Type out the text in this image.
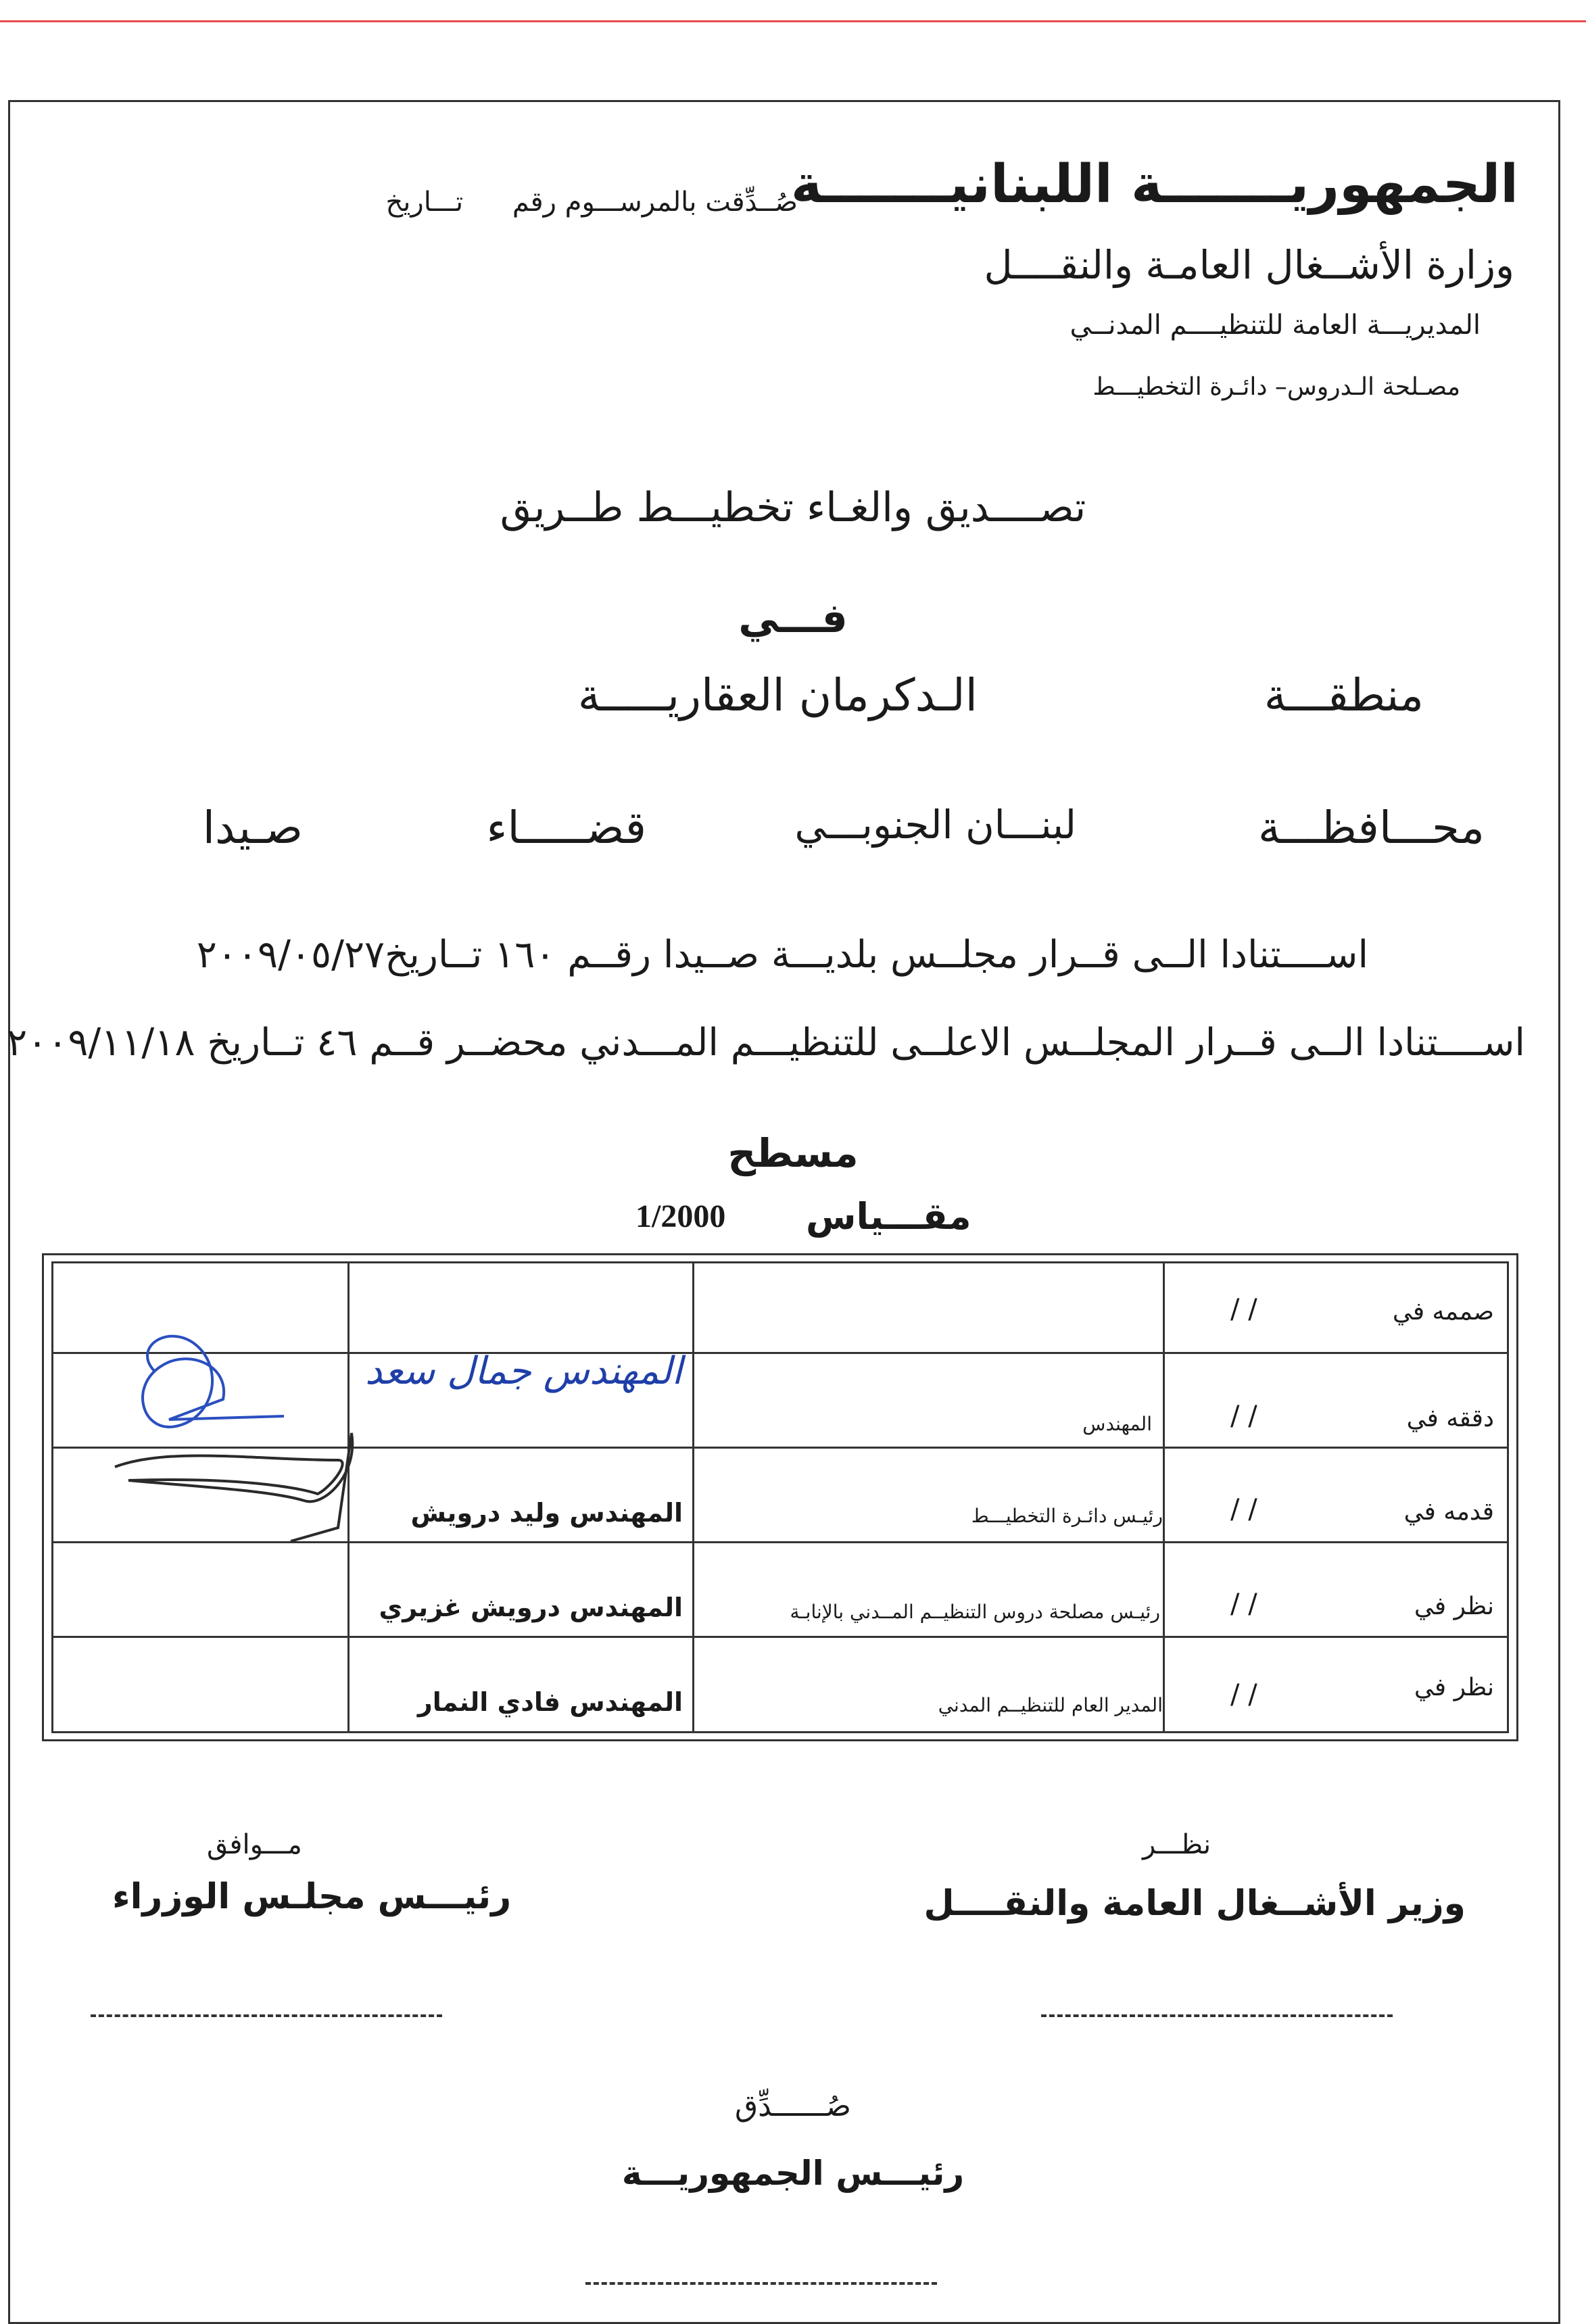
الجمهوريـــــــة اللبنانيـــــــة
وزارة الأشــغال العامـة والنقــــل
المديريـــة العامة للتنظيــــم المدنــي
مصـلحة الـدروس– دائـرة التخطيـــط
صُــدِّقت بالمرســـوم رقم تـــاريخ
تصــــديق والغـاء تخطيـــط طــريق
فـــي
منطقـــة
الـدكرمان العقاريـــــة
محـــافظـــة
لبنـــان الجنوبـــي
قضـــــاء
صـيدا
اســــتنادا الــى قــرار مجلــس بلديـــة صــيدا رقــم ١٦٠ تــاريخ٢٠٠٩/٠٥/٢٧
اســــتنادا الــى قــرار المجلــس الاعلــى للتنظيـــم المـــدني محضــر قــم ٤٦ تــاريخ ٢٠٠٩/١١/١٨
مسطح
مقـــياس
1/2000
صممه في
/ /
دققه في
/ /
المهندس
المهندس جمال سعد
قدمه في
/ /
رئيـس دائـرة التخطيـــط
المهندس وليد درويش
نظر في
/ /
رئيـس مصلحة دروس التنظيــم المــدني بالإنابـة
المهندس درويش غزيري
نظر في
/ /
المدير العام للتنظيــم المدني
المهندس فادي النمار
نظـــر
وزير الأشــغال العامة والنقــــل
مـــوافق
رئيـــس مجلـس الوزراء
صُــــــدِّق
رئيـــس الجمهوريـــة
